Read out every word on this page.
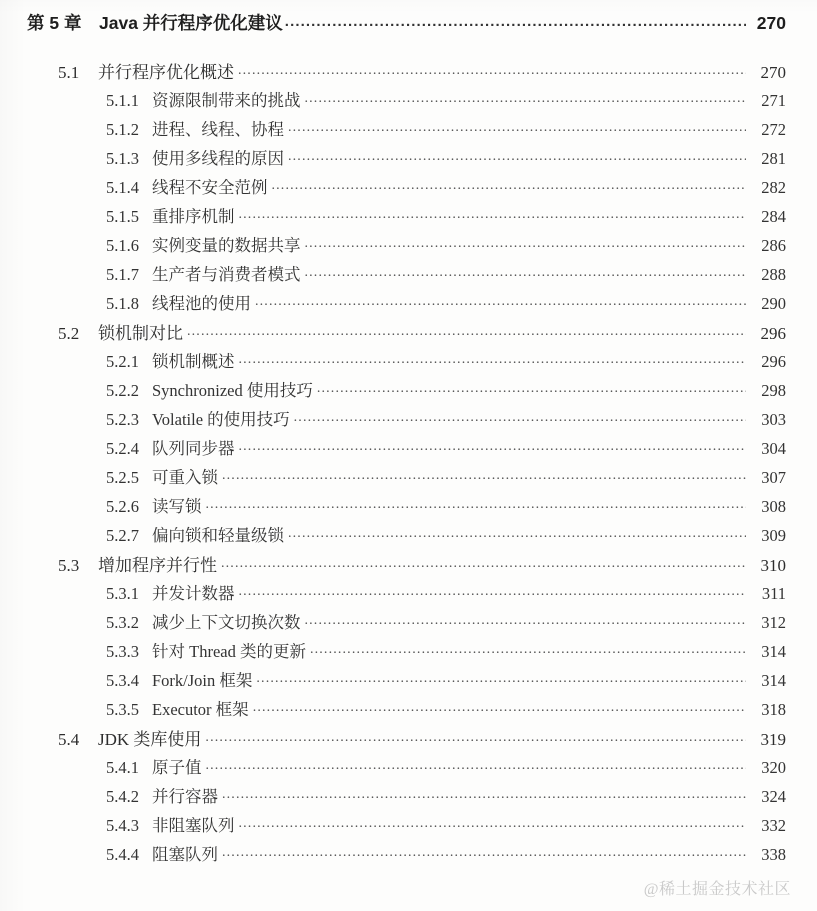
第 5 章	Java 并行程序优化建议 .....	270
5.1	并行程序优化概述 .....	270
5.1.1 资源限制带来的挑战 .....	271
5.1.2 进程、线程、协程 .....	272
5.1.3 使用多线程的原因 .....	281
5.1.4 线程不安全范例 .....	282
5.1.5 重排序机制 .....	284
5.1.6 实例变量的数据共享 .....	286
5.1.7 生产者与消费者模式 .....	288
5.1.8 线程池的使用 .....	290
5.2	锁机制对比 .....	296
5.2.1 锁机制概述 .....	296
5.2.2 Synchronized 使用技巧 .....	298
5.2.3 Volatile 的使用技巧 .....	303
5.2.4 队列同步器 .....	304
5.2.5 可重入锁 .....	307
5.2.6 读写锁 .....	308
5.2.7 偏向锁和轻量级锁 .....	309
5.3	增加程序并行性 .....	310
5.3.1 并发计数器 .....	311
5.3.2 减少上下文切换次数 .....	312
5.3.3 针对 Thread 类的更新 .....	314
5.3.4 Fork/Join 框架 .....	314
5.3.5 Executor 框架 .....	318
5.4	JDK 类库使用 .....	319
5.4.1 原子值 .....	320
5.4.2 并行容器 .....	324
5.4.3 非阻塞队列 .....	332
5.4.4 阻塞队列 .....	338
@稀土掘金技术社区
